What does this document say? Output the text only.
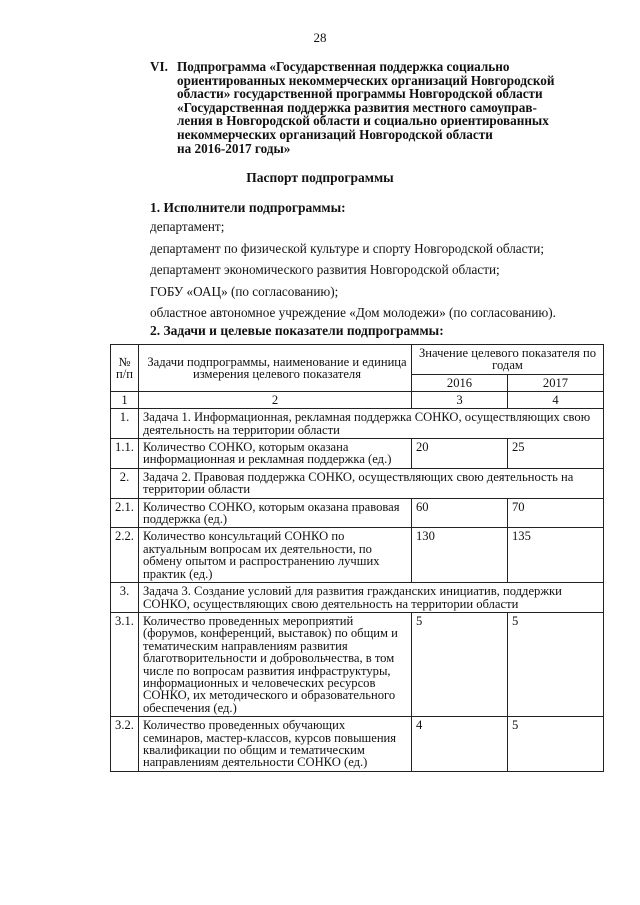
28
VI. Подпрограмма «Государственная поддержка социально
ориентированных некоммерческих организаций Новгородской
области» государственной программы Новгородской области
«Государственная поддержка развития местного самоуправ-
ления в Новгородской области и социально ориентированных
некоммерческих организаций Новгородской области
на 2016-2017 годы»
Паспорт подпрограммы
1. Исполнители подпрограммы:
департамент;
департамент по физической культуре и спорту Новгородской области;
департамент экономического развития Новгородской области;
ГОБУ «ОАЦ» (по согласованию);
областное автономное учреждение «Дом молодежи» (по согласованию).
2. Задачи и целевые показатели подпрограммы:
№ п/п	Задачи подпрограммы, наименование и единица измерения целевого показателя	Значение целевого показателя по годам	
		2016	2017
1	2	3	4
1.	Задача 1. Информационная, рекламная поддержка СОНКО, осуществляющих свою деятельность на территории области		
1.1.	Количество СОНКО, которым оказана информационная и рекламная поддержка (ед.)	20	25
2.	Задача 2. Правовая поддержка СОНКО, осуществляющих свою деятельность на территории области		
2.1.	Количество СОНКО, которым оказана правовая поддержка (ед.)	60	70
2.2.	Количество консультаций СОНКО по актуальным вопросам их деятельности, по обмену опытом и распространению лучших практик (ед.)	130	135
3.	Задача 3. Создание условий для развития гражданских инициатив, поддержки СОНКО, осуществляющих свою деятельность на территории области		
3.1.	Количество проведенных мероприятий (форумов, конференций, выставок) по общим и тематическим направлениям развития благотворительности и добровольчества, в том числе по вопросам развития инфраструктуры, информационных и человеческих ресурсов СОНКО, их методического и образовательного обеспечения (ед.)	5	5
3.2.	Количество проведенных обучающих семинаров, мастер-классов, курсов повышения квалификации по общим и тематическим направлениям деятельности СОНКО (ед.)	4	5
